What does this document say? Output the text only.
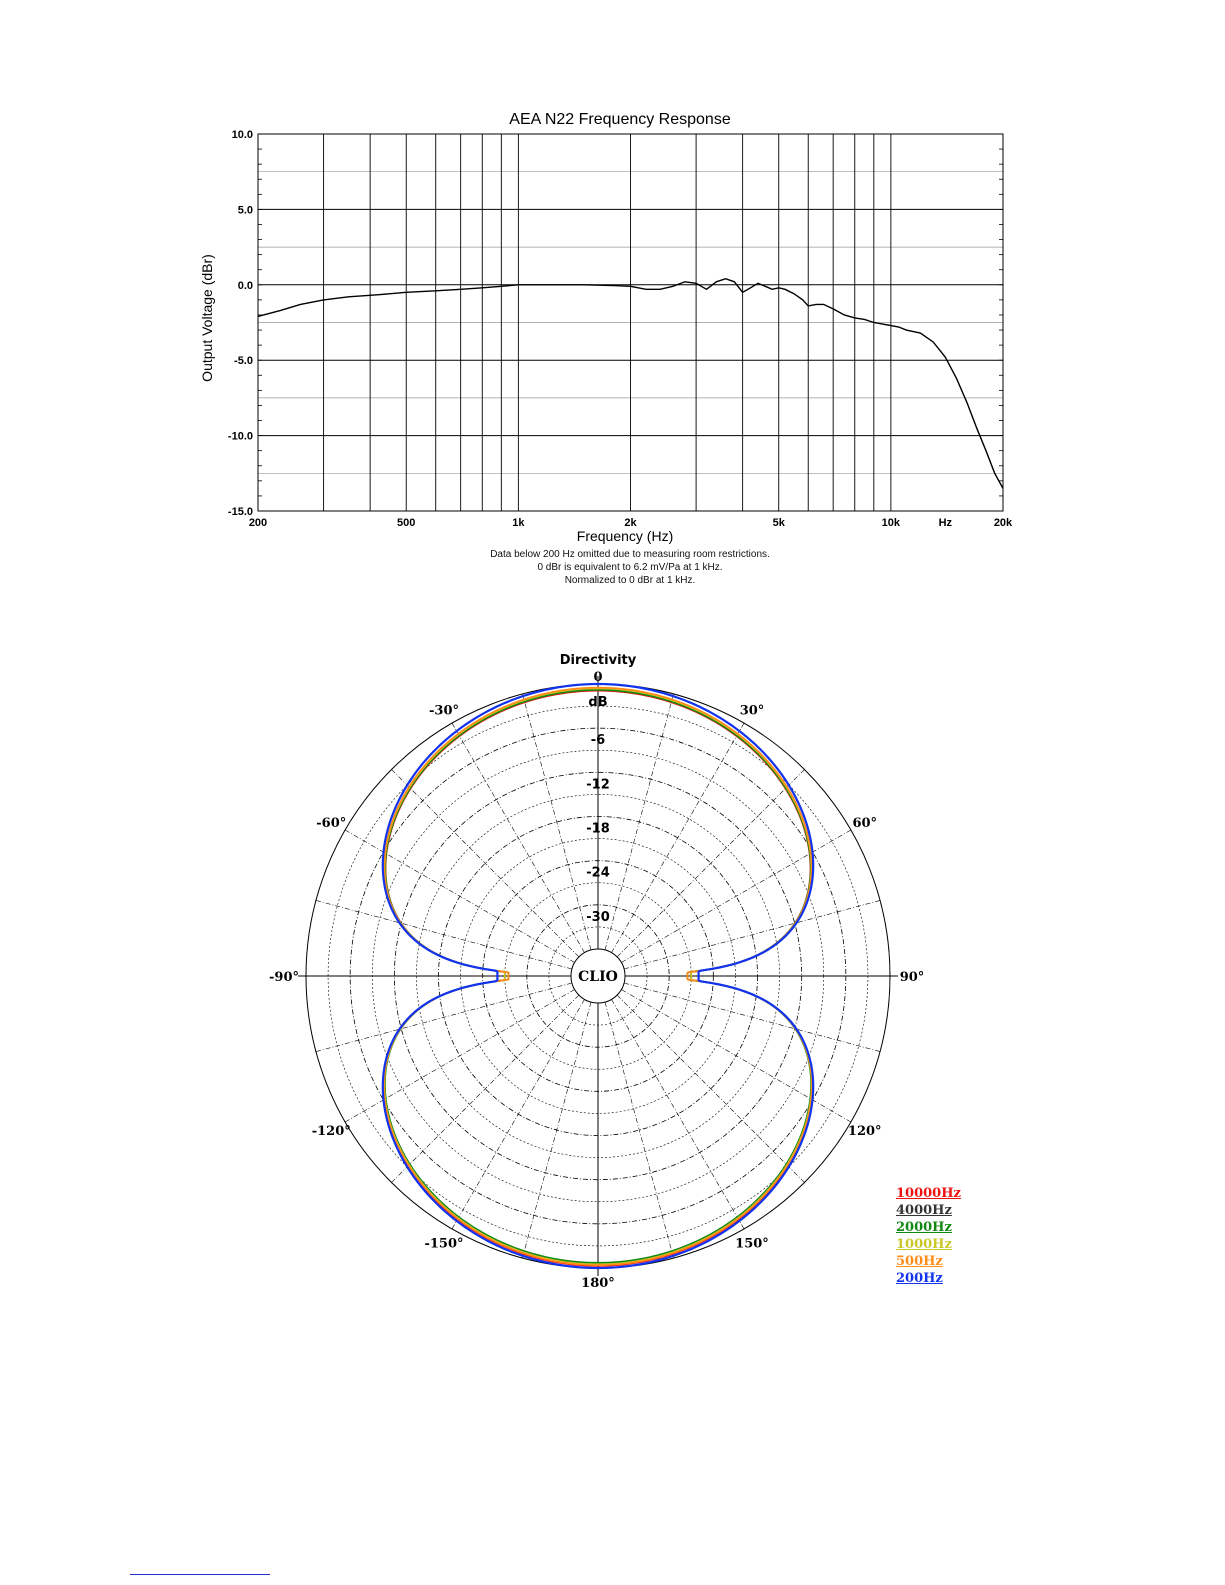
AEA N22 Frequency Response
Output Voltage (dBr)
Frequency (Hz)
10.0
5.0
0.0
-5.0
-10.0
-15.0
200	500	1k	2k	5k	10k	Hz	20k

Data below 200 Hz omitted due to measuring room restrictions.

0 dBr is equivalent to 6.2 mV/Pa at 1 kHz.

Normalized to 0 dBr at 1 kHz.

Directivity
0
30°
60°
90°
120°
150°
180°
-30°
-60°
-90°
-120°
-150°
-6
-12
-18
-24
-30
dB
CLIO
10000Hz
4000Hz
2000Hz
1000Hz
500Hz
200Hz
